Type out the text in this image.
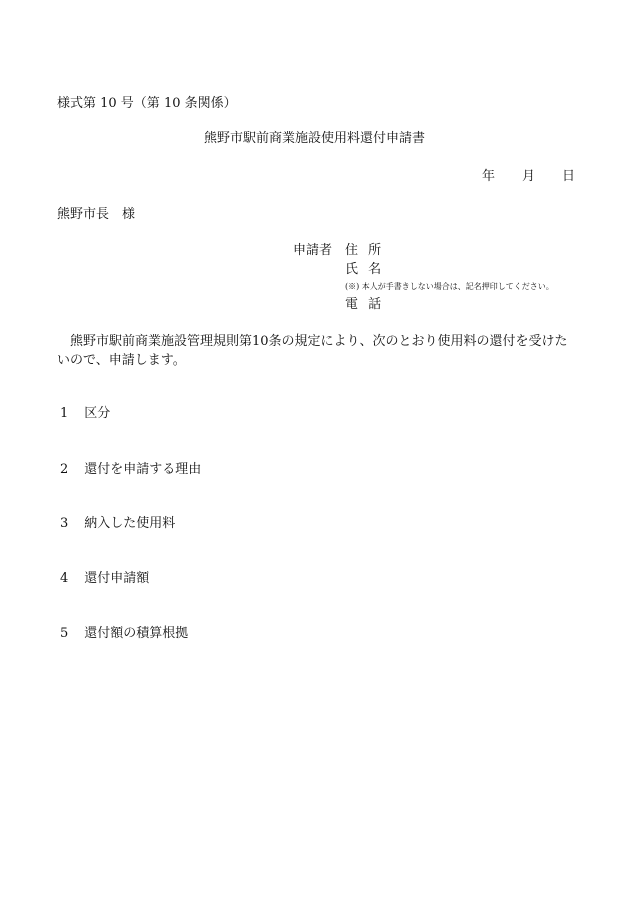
様式第 10 号（第 10 条関係）
熊野市駅前商業施設使用料還付申請書
年 月 日
熊野市長　様
申請者 住 所
氏 名
(※) 本人が手書きしない場合は、記名押印してください。
電 話
　熊野市駅前商業施設管理規則第10条の規定により、次のとおり使用料の還付を受けた
いので、申請します。
1 区分
2 還付を申請する理由
3 納入した使用料
4 還付申請額
5 還付額の積算根拠
